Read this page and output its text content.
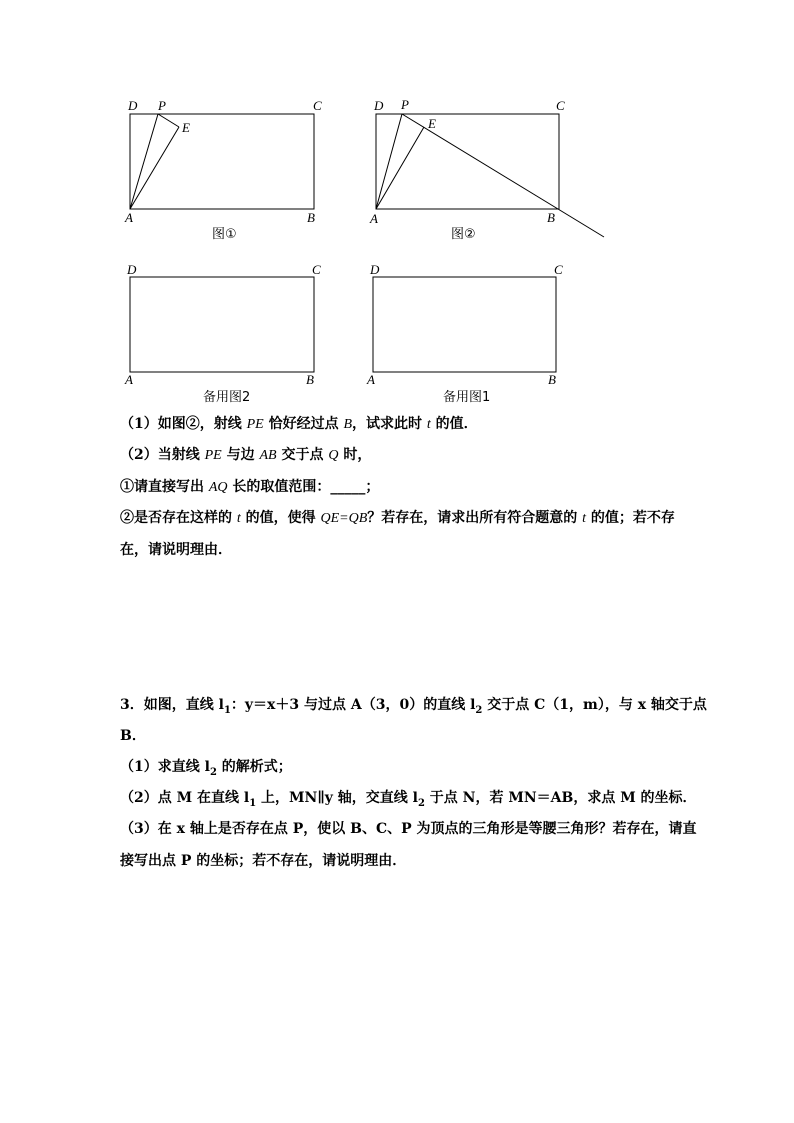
D P	C
E
A	B
图①
D P	C
E
A	B
图②
D	C
A	B
备用图2
D	C
A	B
备用图1
（1）如图②，射线 PE 恰好经过点 B，试求此时 t 的值．
（2）当射线 PE 与边 AB 交于点 Q 时，
①请直接写出 AQ 长的取值范围：_____；
②是否存在这样的 t 的值，使得 QE=QB？若存在，请求出所有符合题意的 t 的值；若不存
在，请说明理由．
3．如图，直线 $l_1$：y＝x＋3 与过点 A（3，0）的直线 $l_2$ 交于点 C（1，m），与 x 轴交于点
B．
（1）求直线 $l_2$ 的解析式；
（2）点 M 在直线 $l_1$ 上，MN∥y 轴，交直线 $l_2$ 于点 N，若 MN＝AB，求点 M 的坐标．
（3）在 x 轴上是否存在点 P，使以 B、C、P 为顶点的三角形是等腰三角形？若存在，请直
接写出点 P 的坐标；若不存在，请说明理由．
